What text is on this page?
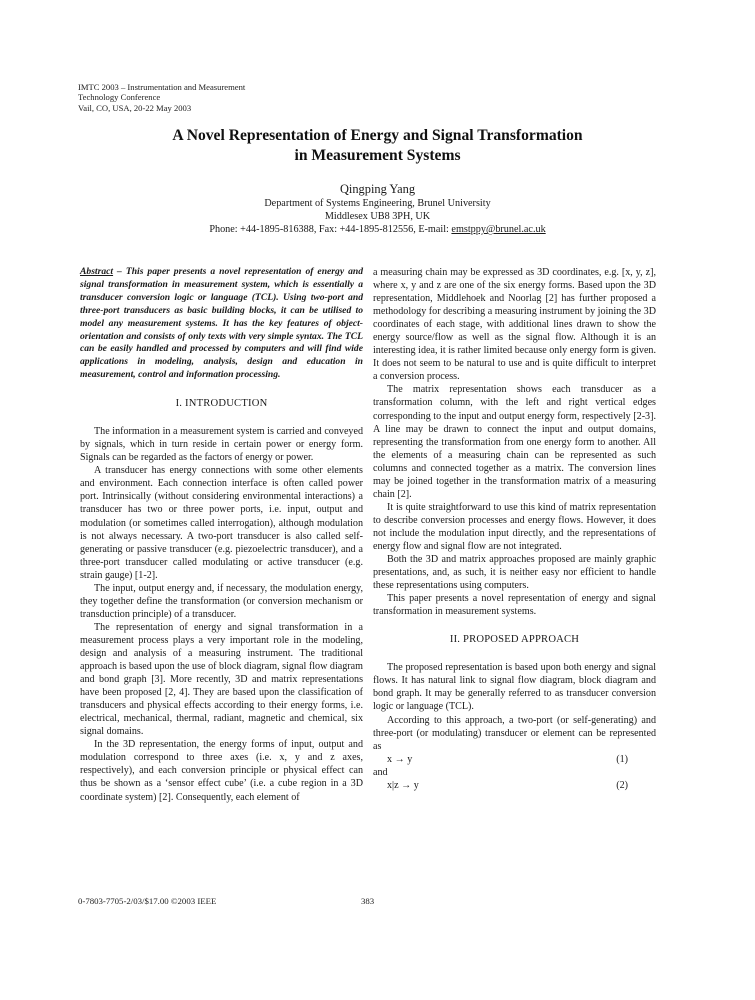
IMTC 2003 – Instrumentation and Measurement
Technology Conference
Vail, CO, USA, 20-22 May 2003
A Novel Representation of Energy and Signal Transformation
in Measurement Systems
Qingping Yang
Department of Systems Engineering, Brunel University
Middlesex UB8 3PH, UK
Phone: +44-1895-816388, Fax: +44-1895-812556, E-mail: emstppy@brunel.ac.uk

Abstract – This paper presents a novel representation of energy and signal transformation in measurement system, which is essentially a transducer conversion logic or language (TCL). Using two-port and three-port transducers as basic building blocks, it can be utilised to model any measurement systems. It has the key features of object-orientation and consists of only texts with very simple syntax. The TCL can be easily handled and processed by computers and will find wide applications in modeling, analysis, design and education in measurement, control and information processing.

I. INTRODUCTION

The information in a measurement system is carried and conveyed by signals, which in turn reside in certain power or energy form. Signals can be regarded as the factors of energy or power.

A transducer has energy connections with some other elements and environment. Each connection interface is often called power port. Intrinsically (without considering environmental interactions) a transducer has two or three power ports, i.e. input, output and modulation (or sometimes called interrogation), although modulation is not always necessary. A two-port transducer is also called self-generating or passive transducer (e.g. piezoelectric transducer), and a three-port transducer called modulating or active transducer (e.g. strain gauge) [1-2].

The input, output energy and, if necessary, the modulation energy, they together define the transformation (or conversion mechanism or transduction principle) of a transducer.

The representation of energy and signal transformation in a measurement process plays a very important role in the modeling, design and analysis of a measuring instrument. The traditional approach is based upon the use of block diagram, signal flow diagram and bond graph [3]. More recently, 3D and matrix representations have been proposed [2, 4]. They are based upon the classification of transducers and physical effects according to their energy forms, i.e. electrical, mechanical, thermal, radiant, magnetic and chemical, six signal domains.

In the 3D representation, the energy forms of input, output and modulation correspond to three axes (i.e. x, y and z axes, respectively), and each conversion principle or physical effect can thus be shown as a ‘sensor effect cube’ (i.e. a cube region in a 3D coordinate system) [2]. Consequently, each element of

a measuring chain may be expressed as 3D coordinates, e.g. [x, y, z], where x, y and z are one of the six energy forms. Based upon the 3D representation, Middlehoek and Noorlag [2] has further proposed a methodology for describing a measuring instrument by joining the 3D coordinates of each stage, with additional lines drawn to show the energy source/flow as well as the signal flow. Although it is an interesting idea, it is rather limited because only energy form is given. It does not seem to be natural to use and is quite difficult to interpret a conversion process.

The matrix representation shows each transducer as a transformation column, with the left and right vertical edges corresponding to the input and output energy form, respectively [2-3]. A line may be drawn to connect the input and output domains, representing the transformation from one energy form to another. All the elements of a measuring chain can be represented as such columns and connected together as a matrix. The conversion lines may be joined together in the transformation matrix of a measuring chain [2].

It is quite straightforward to use this kind of matrix representation to describe conversion processes and energy flows. However, it does not include the modulation input directly, and the representations of energy flow and signal flow are not integrated.

Both the 3D and matrix approaches proposed are mainly graphic presentations, and, as such, it is neither easy nor efficient to handle these representations using computers.

This paper presents a novel representation of energy and signal transformation in measurement systems.

II. PROPOSED APPROACH

The proposed representation is based upon both energy and signal flows. It has natural link to signal flow diagram, block diagram and bond graph. It may be generally referred to as transducer conversion logic or language (TCL).

According to this approach, a two-port (or self-generating) and three-port (or modulating) transducer or element can be represented as

x → y	(1)

and

x|z → y	(2)
0-7803-7705-2/03/$17.00 ©2003 IEEE	383
